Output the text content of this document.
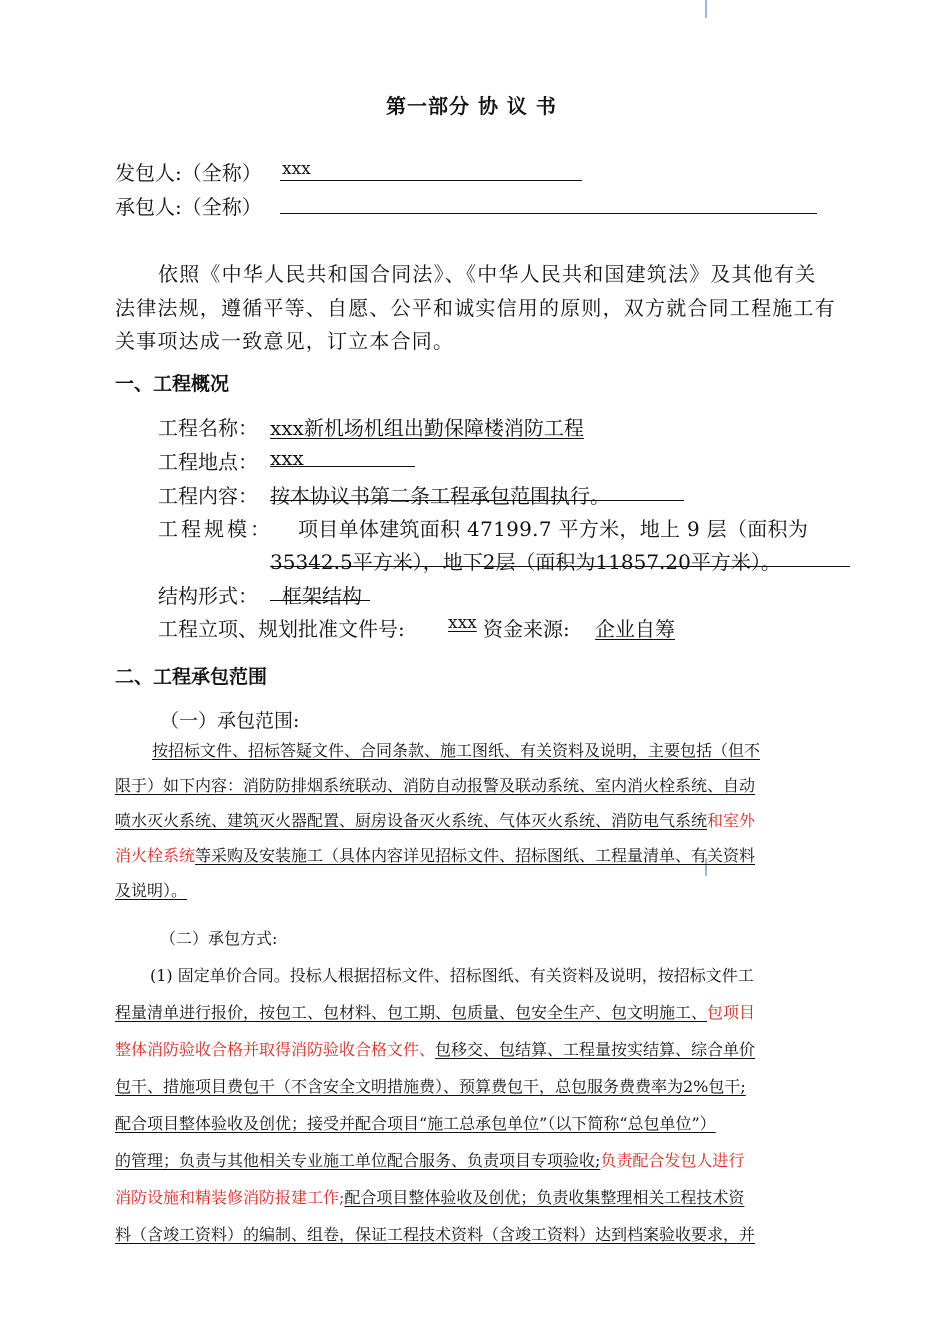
第一部分 协 议 书
发包人:（全称） xxx
承包人:（全称）
依照《中华人民共和国合同法》、《中华人民共和国建筑法》及其他有关
法律法规，遵循平等、自愿、公平和诚实信用的原则，双方就合同工程施工有
关事项达成一致意见，订立本合同。
一、工程概况
工程名称： xxx新机场机组出勤保障楼消防工程
工程地点： xxx
工程内容： 按本协议书第二条工程承包范围执行。
工程规模： 项目单体建筑面积 47199.7 平方米，地上 9 层（面积为
35342.5平方米），地下2层（面积为11857.20平方米）。
结构形式： 框架结构
工程立项、规划批准文件号:	xxx 资金来源: 企业自筹
二、工程承包范围
（一）承包范围:
按招标文件、招标答疑文件、合同条款、施工图纸、有关资料及说明，主要包括（但不
限于）如下内容：消防防排烟系统联动、消防自动报警及联动系统、室内消火栓系统、自动
喷水灭火系统、建筑灭火器配置、厨房设备灭火系统、气体灭火系统、消防电气系统和室外
消火栓系统等采购及安装施工（具体内容详见招标文件、招标图纸、工程量清单、有关资料
及说明）。
（二）承包方式:
(1) 固定单价合同。投标人根据招标文件、招标图纸、有关资料及说明，按招标文件工
程量清单进行报价，按包工、包材料、包工期、包质量、包安全生产、包文明施工、包项目
整体消防验收合格并取得消防验收合格文件、包移交、包结算、工程量按实结算、综合单价
包干、措施项目费包干（不含安全文明措施费）、预算费包干，总包服务费费率为2%包干;
配合项目整体验收及创优；接受并配合项目“施工总承包单位”（以下简称“总包单位”）
的管理；负责与其他相关专业施工单位配合服务、负责项目专项验收;负责配合发包人进行
消防设施和精装修消防报建工作;配合项目整体验收及创优；负责收集整理相关工程技术资
料（含竣工资料）的编制、组卷，保证工程技术资料（含竣工资料）达到档案验收要求，并
